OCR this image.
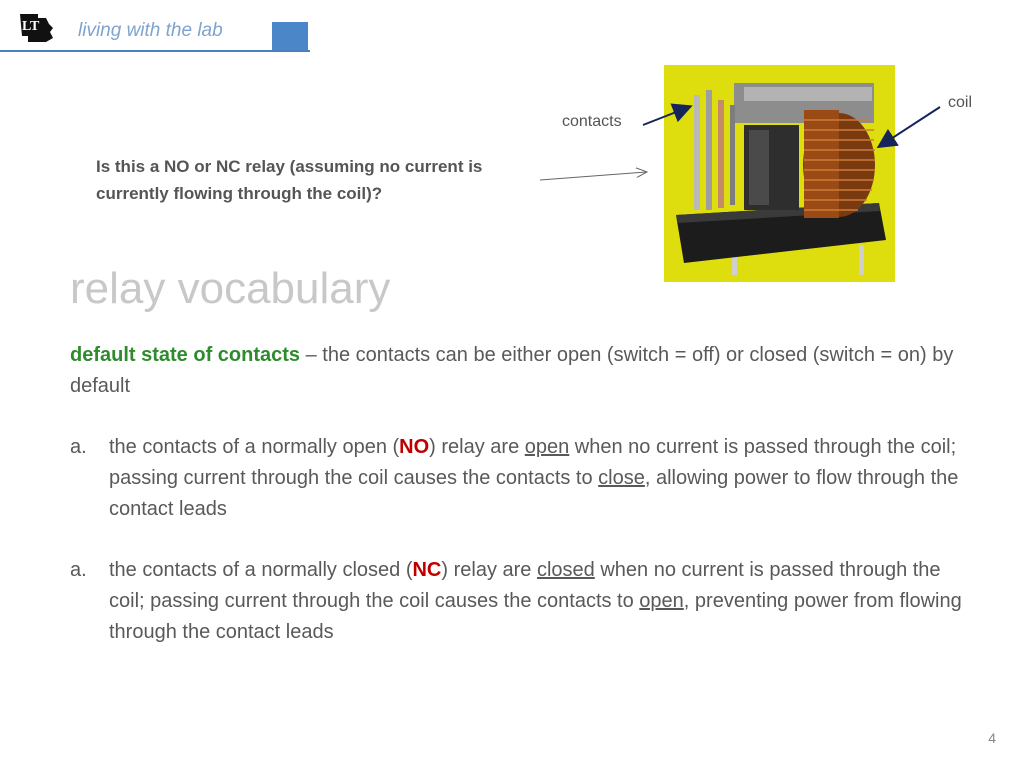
LT living with the lab
Is this a NO or NC relay (assuming no current is currently flowing through the coil)?
contacts
coil
relay vocabulary
default state of contacts – the contacts can be either open (switch = off) or closed (switch = on) by default
a. the contacts of a normally open (NO) relay are open when no current is passed through the coil; passing current through the coil causes the contacts to close, allowing power to flow through the contact leads
a. the contacts of a normally closed (NC) relay are closed when no current is passed through the coil; passing current through the coil causes the contacts to open, preventing power from flowing through the contact leads
4
